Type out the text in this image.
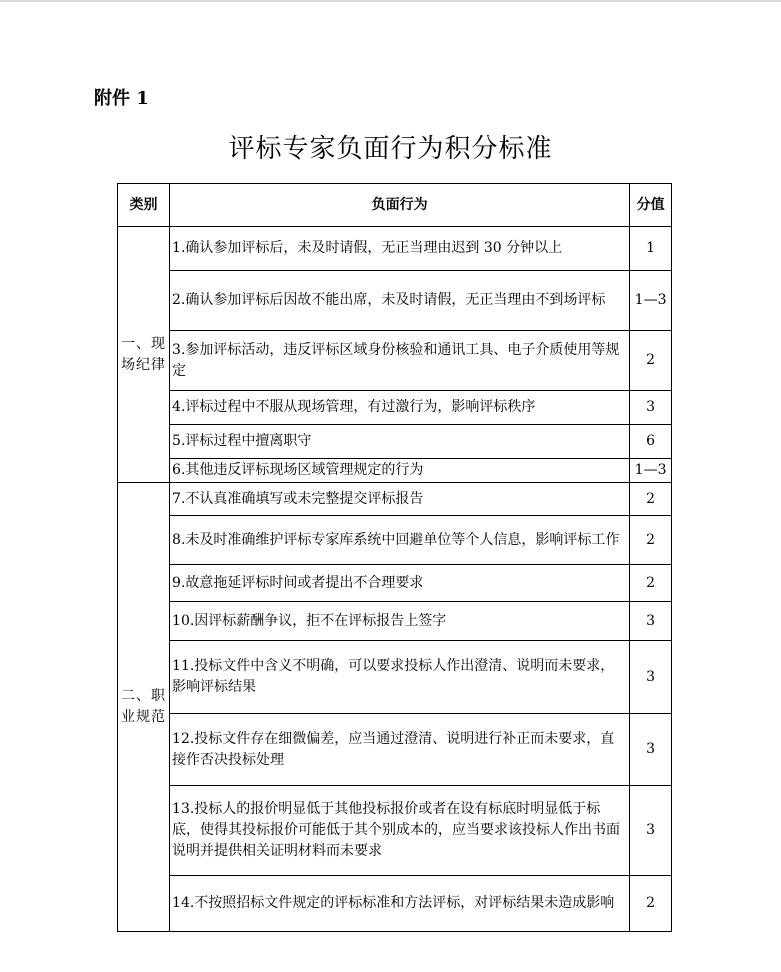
附件 1
评标专家负面行为积分标准
类别	负面行为	分值
一、现场纪律	1.确认参加评标后，未及时请假，无正当理由迟到 30 分钟以上	1
	2.确认参加评标后因故不能出席，未及时请假，无正当理由不到场评标	1—3
	3.参加评标活动，违反评标区域身份核验和通讯工具、电子介质使用等规定	2
	4.评标过程中不服从现场管理，有过激行为，影响评标秩序	3
	5.评标过程中擅离职守	6
	6.其他违反评标现场区域管理规定的行为	1—3
二、职业规范	7.不认真准确填写或未完整提交评标报告	2
	8.未及时准确维护评标专家库系统中回避单位等个人信息，影响评标工作	2
	9.故意拖延评标时间或者提出不合理要求	2
	10.因评标薪酬争议，拒不在评标报告上签字	3
	11.投标文件中含义不明确，可以要求投标人作出澄清、说明而未要求，影响评标结果	3
	12.投标文件存在细微偏差，应当通过澄清、说明进行补正而未要求，直接作否决投标处理	3
	13.投标人的报价明显低于其他投标报价或者在设有标底时明显低于标底，使得其投标报价可能低于其个别成本的，应当要求该投标人作出书面说明并提供相关证明材料而未要求	3
	14.不按照招标文件规定的评标标准和方法评标，对评标结果未造成影响	2
